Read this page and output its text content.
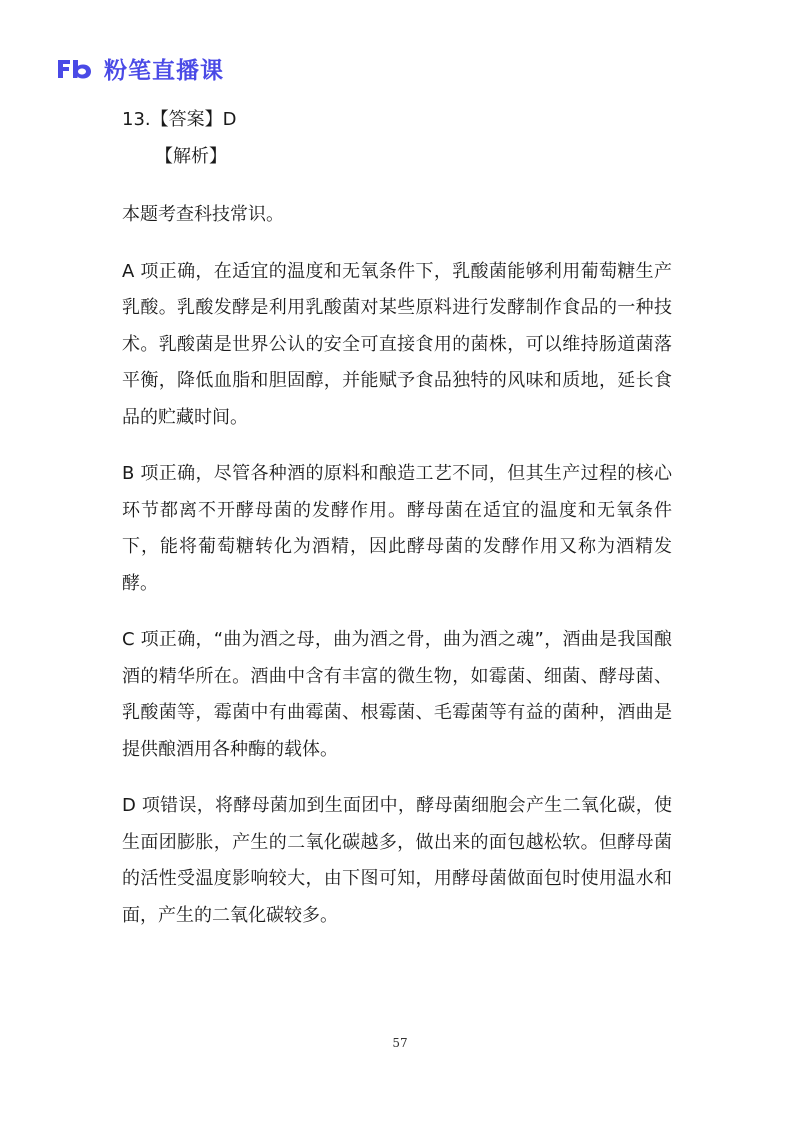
粉笔直播课

13.【答案】D

【解析】

本题考查科技常识。

A 项正确，在适宜的温度和无氧条件下，乳酸菌能够利用葡萄糖生产乳酸。乳酸发酵是利用乳酸菌对某些原料进行发酵制作食品的一种技术。乳酸菌是世界公认的安全可直接食用的菌株，可以维持肠道菌落平衡，降低血脂和胆固醇，并能赋予食品独特的风味和质地，延长食品的贮藏时间。

B 项正确，尽管各种酒的原料和酿造工艺不同，但其生产过程的核心环节都离不开酵母菌的发酵作用。酵母菌在适宜的温度和无氧条件下，能将葡萄糖转化为酒精，因此酵母菌的发酵作用又称为酒精发酵。

C 项正确，“曲为酒之母，曲为酒之骨，曲为酒之魂”，酒曲是我国酿酒的精华所在。酒曲中含有丰富的微生物，如霉菌、细菌、酵母菌、乳酸菌等，霉菌中有曲霉菌、根霉菌、毛霉菌等有益的菌种，酒曲是提供酿酒用各种酶的载体。

D 项错误，将酵母菌加到生面团中，酵母菌细胞会产生二氧化碳，使生面团膨胀，产生的二氧化碳越多，做出来的面包越松软。但酵母菌的活性受温度影响较大，由下图可知，用酵母菌做面包时使用温水和面，产生的二氧化碳较多。

57
